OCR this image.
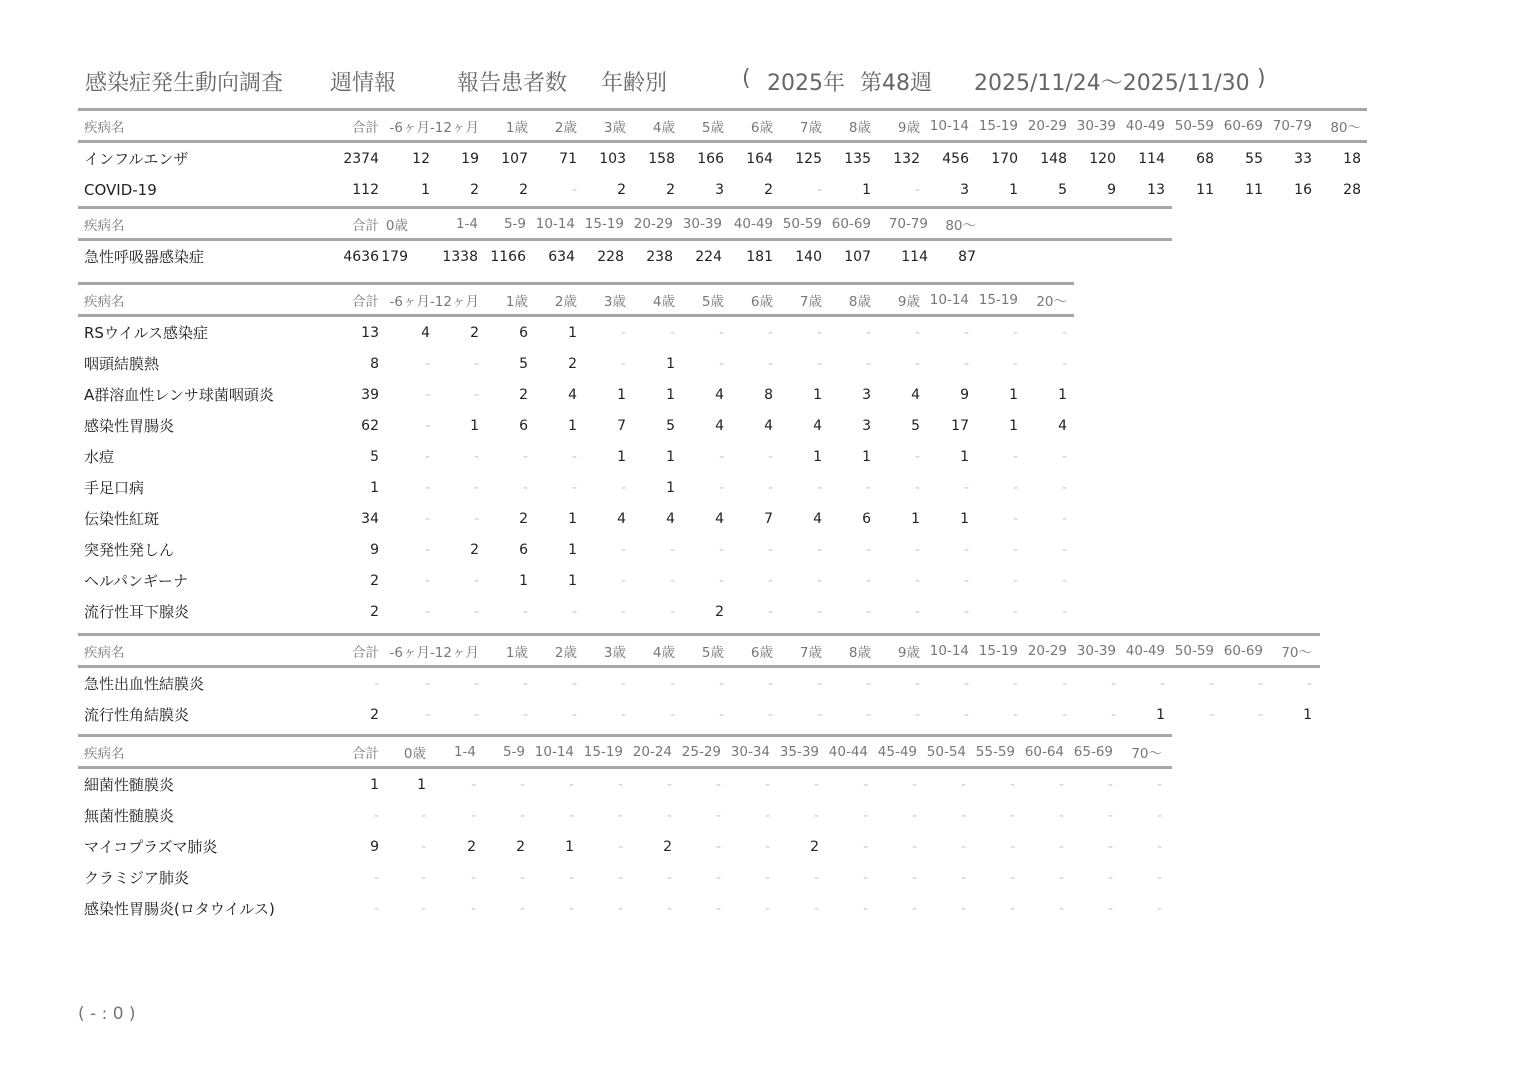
感染症発生動向調査 週情報	報告患者数 年齢別	( 2025年 第48週 2025/11/24～2025/11/30 )
疾病名	合計 -6ヶ月 -12ヶ月	1歳	2歳	3歳	4歳	5歳	6歳	7歳	8歳	9歳 10-14 15-19 20-29 30-39 40-49 50-59 60-69 70-79	80～
インフルエンザ	2374	12	19	107	71	103	158	166	164	125	135	132	456	170	148	120	114	68	55	33	18
COVID-19	112	1	2	2	-	2	2	3	2	-	1	-	3	1	5	9	13	11	11	16	28
疾病名	合計 0歳	1-4	5-9 10-14 15-19 20-29 30-39 40-49 50-59 60-69	70-79	80～
急性呼吸器感染症	4636 179	1338 1166	634	228	238	224	181	140	107	114	87
疾病名	合計 -6ヶ月 -12ヶ月	1歳	2歳	3歳	4歳	5歳	6歳	7歳	8歳	9歳 10-14 15-19	20～
RSウイルス感染症	13	4	2	6	1	-	-	-	-	-	-	-	-	-	-
咽頭結膜熱	8	-	-	5	2	-	1	-	-	-	-	-	-	-	-
A群溶血性レンサ球菌咽頭炎	39	-	-	2	4	1	1	4	8	1	3	4	9	1	1
感染性胃腸炎	62	-	1	6	1	7	5	4	4	4	3	5	17	1	4
水痘	5	-	-	-	-	1	1	-	-	1	1	-	1	-	-
手足口病	1	-	-	-	-	-	1	-	-	-	-	-	-	-	-
伝染性紅斑	34	-	-	2	1	4	4	4	7	4	6	1	1	-	-
突発性発しん	9	-	2	6	1	-	-	-	-	-	-	-	-	-	-
ヘルパンギーナ	2	-	-	1	1	-	-	-	-	-	-	-	-	-	-
流行性耳下腺炎	2	-	-	-	-	-	-	2	-	-	-	-	-	-	-
疾病名	合計 -6ヶ月 -12ヶ月	1歳	2歳	3歳	4歳	5歳	6歳	7歳	8歳	9歳 10-14 15-19 20-29 30-39 40-49 50-59 60-69	70～
急性出血性結膜炎	-	-	-	-	-	-	-	-	-	-	-	-	-	-	-	-	-	-	-	-
流行性角結膜炎	2	-	-	-	-	-	-	-	-	-	-	-	-	-	-	-	1	-	-	1
疾病名	合計	0歳	1-4	5-9 10-14 15-19 20-24 25-29 30-34 35-39 40-44 45-49 50-54 55-59 60-64 65-69	70～
細菌性髄膜炎	1	1	-	-	-	-	-	-	-	-	-	-	-	-	-	-	-
無菌性髄膜炎	-	-	-	-	-	-	-	-	-	-	-	-	-	-	-	-	-
マイコプラズマ肺炎	9	-	2	2	1	-	2	-	-	2	-	-	-	-	-	-	-
クラミジア肺炎	-	-	-	-	-	-	-	-	-	-	-	-	-	-	-	-	-
感染性胃腸炎(ロタウイルス)	-	-	-	-	-	-	-	-	-	-	-	-	-	-	-	-	-
( - : 0 )
